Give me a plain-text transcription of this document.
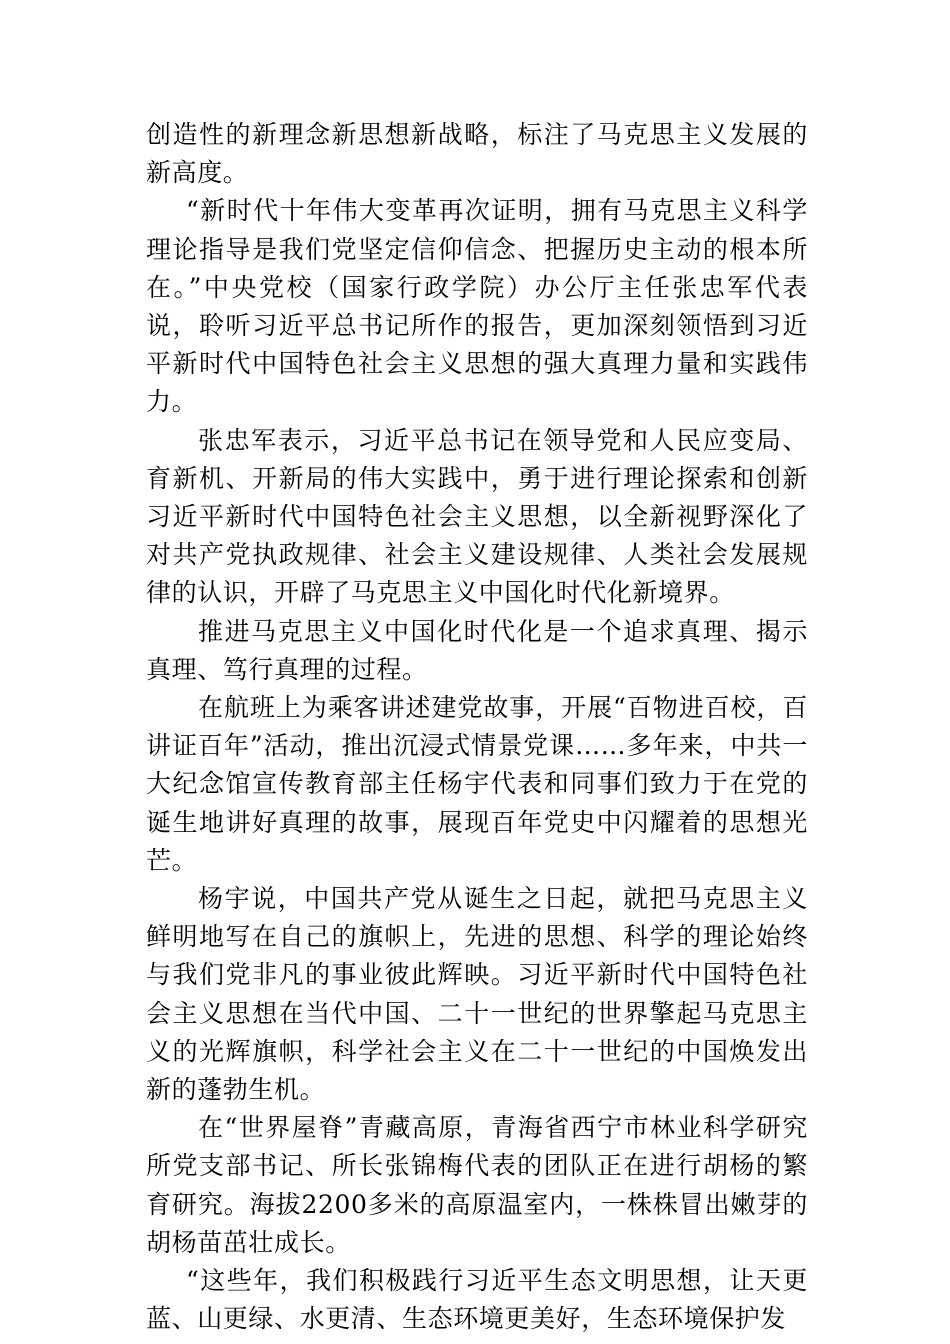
创造性的新理念新思想新战略，标注了马克思主义发展的新高度。

“新时代十年伟大变革再次证明，拥有马克思主义科学理论指导是我们党坚定信仰信念、把握历史主动的根本所在。”中央党校（国家行政学院）办公厅主任张忠军代表说，聆听习近平总书记所作的报告，更加深刻领悟到习近平新时代中国特色社会主义思想的强大真理力量和实践伟力。

张忠军表示，习近平总书记在领导党和人民应变局、育新机、开新局的伟大实践中，勇于进行理论探索和创新习近平新时代中国特色社会主义思想，以全新视野深化了对共产党执政规律、社会主义建设规律、人类社会发展规律的认识，开辟了马克思主义中国化时代化新境界。

推进马克思主义中国化时代化是一个追求真理、揭示真理、笃行真理的过程。

在航班上为乘客讲述建党故事，开展“百物进百校，百讲证百年”活动，推出沉浸式情景党课……多年来，中共一大纪念馆宣传教育部主任杨宇代表和同事们致力于在党的诞生地讲好真理的故事，展现百年党史中闪耀着的思想光芒。

杨宇说，中国共产党从诞生之日起，就把马克思主义鲜明地写在自己的旗帜上，先进的思想、科学的理论始终与我们党非凡的事业彼此辉映。习近平新时代中国特色社会主义思想在当代中国、二十一世纪的世界擎起马克思主义的光辉旗帜，科学社会主义在二十一世纪的中国焕发出新的蓬勃生机。

在“世界屋脊”青藏高原，青海省西宁市林业科学研究所党支部书记、所长张锦梅代表的团队正在进行胡杨的繁育研究。海拔2200多米的高原温室内，一株株冒出嫩芽的胡杨苗茁壮成长。

“这些年，我们积极践行习近平生态文明思想，让天更蓝、山更绿、水更清、生态环境更美好，生态环境保护发
